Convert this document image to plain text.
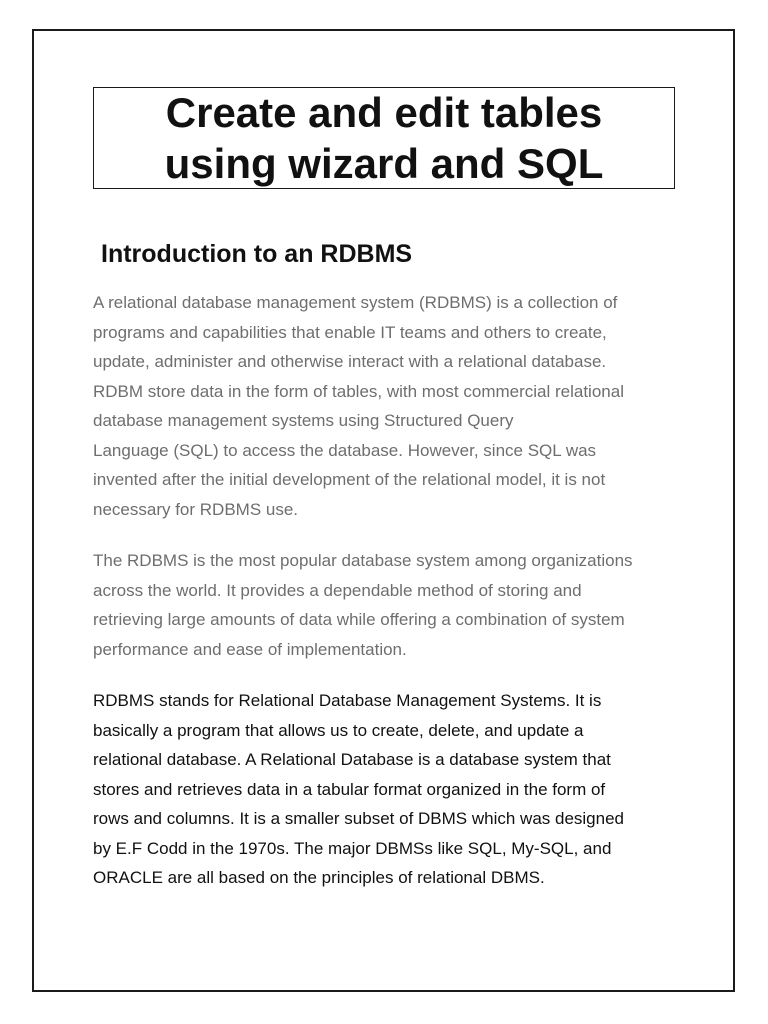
Create and edit tables
using wizard and SQL
Introduction to an RDBMS

A relational database management system (RDBMS) is a collection of
programs and capabilities that enable IT teams and others to create,
update, administer and otherwise interact with a relational database.
RDBM store data in the form of tables, with most commercial relational
database management systems using Structured Query
Language (SQL) to access the database. However, since SQL was
invented after the initial development of the relational model, it is not
necessary for RDBMS use.

The RDBMS is the most popular database system among organizations
across the world. It provides a dependable method of storing and
retrieving large amounts of data while offering a combination of system
performance and ease of implementation.

RDBMS stands for Relational Database Management Systems. It is
basically a program that allows us to create, delete, and update a
relational database. A Relational Database is a database system that
stores and retrieves data in a tabular format organized in the form of
rows and columns. It is a smaller subset of DBMS which was designed
by E.F Codd in the 1970s. The major DBMSs like SQL, My-SQL, and
ORACLE are all based on the principles of relational DBMS.
